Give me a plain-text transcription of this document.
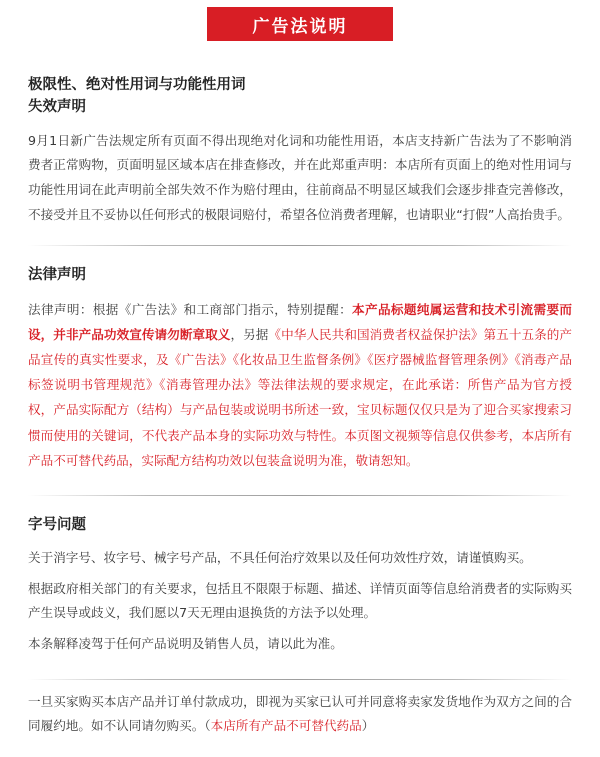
广告法说明
极限性、绝对性用词与功能性用词
失效声明

9月1日新广告法规定所有页面不得出现绝对化词和功能性用语，本店支持新广告法为了不影响消费者正常购物，页面明显区域本店在排查修改，并在此郑重声明：本店所有页面上的绝对性用词与功能性用词在此声明前全部失效不作为赔付理由，往前商品不明显区域我们会逐步排查完善修改，不接受并且不妥协以任何形式的极限词赔付，希望各位消费者理解，也请职业“打假”人高抬贵手。

法律声明

法律声明：根据《广告法》和工商部门指示，特别提醒：本产品标题纯属运营和技术引流需要而设，并非产品功效宣传请勿断章取义，另据《中华人民共和国消费者权益保护法》第五十五条的产品宣传的真实性要求，及《广告法》《化妆品卫生监督条例》《医疗器械监督管理条例》《消毒产品标签说明书管理规范》《消毒管理办法》等法律法规的要求规定，在此承诺：所售产品为官方授权，产品实际配方（结构）与产品包装或说明书所述一致，宝贝标题仅仅只是为了迎合买家搜索习惯而使用的关键词，不代表产品本身的实际功效与特性。本页图文视频等信息仅供参考，本店所有产品不可替代药品，实际配方结构功效以包装盒说明为准，敬请恕知。

字号问题

关于消字号、妆字号、械字号产品，不具任何治疗效果以及任何功效性疗效，请谨慎购买。

根据政府相关部门的有关要求，包括且不限限于标题、描述、详情页面等信息给消费者的实际购买产生误导或歧义，我们愿以7天无理由退换货的方法予以处理。

本条解释凌驾于任何产品说明及销售人员，请以此为准。

一旦买家购买本店产品并订单付款成功，即视为买家已认可并同意将卖家发货地作为双方之间的合同履约地。如不认同请勿购买。（本店所有产品不可替代药品）
